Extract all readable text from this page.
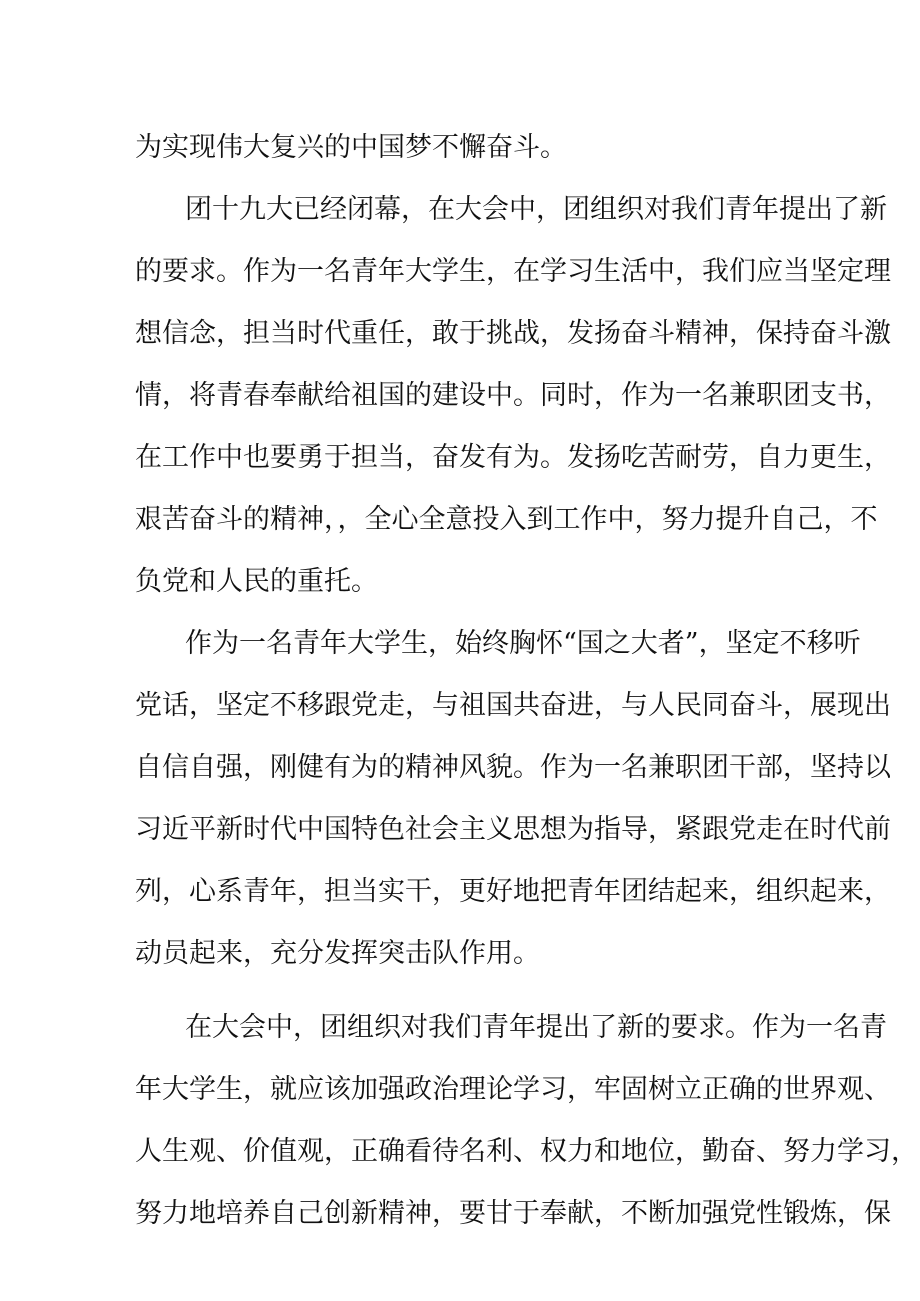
为实现伟大复兴的中国梦不懈奋斗。
团十九大已经闭幕，在大会中，团组织对我们青年提出了新
的要求。作为一名青年大学生，在学习生活中，我们应当坚定理
想信念，担当时代重任，敢于挑战，发扬奋斗精神，保持奋斗激
情，将青春奉献给祖国的建设中。同时，作为一名兼职团支书，
在工作中也要勇于担当，奋发有为。发扬吃苦耐劳，自力更生，
艰苦奋斗的精神，，全心全意投入到工作中，努力提升自己，不
负党和人民的重托。
作为一名青年大学生，始终胸怀“国之大者”，坚定不移听
党话，坚定不移跟党走，与祖国共奋进，与人民同奋斗，展现出
自信自强，刚健有为的精神风貌。作为一名兼职团干部，坚持以
习近平新时代中国特色社会主义思想为指导，紧跟党走在时代前
列，心系青年，担当实干，更好地把青年团结起来，组织起来，
动员起来，充分发挥突击队作用。
在大会中，团组织对我们青年提出了新的要求。作为一名青
年大学生，就应该加强政治理论学习，牢固树立正确的世界观、
人生观、价值观，正确看待名利、权力和地位，勤奋、努力学习，
努力地培养自己创新精神，要甘于奉献，不断加强党性锻炼，保
